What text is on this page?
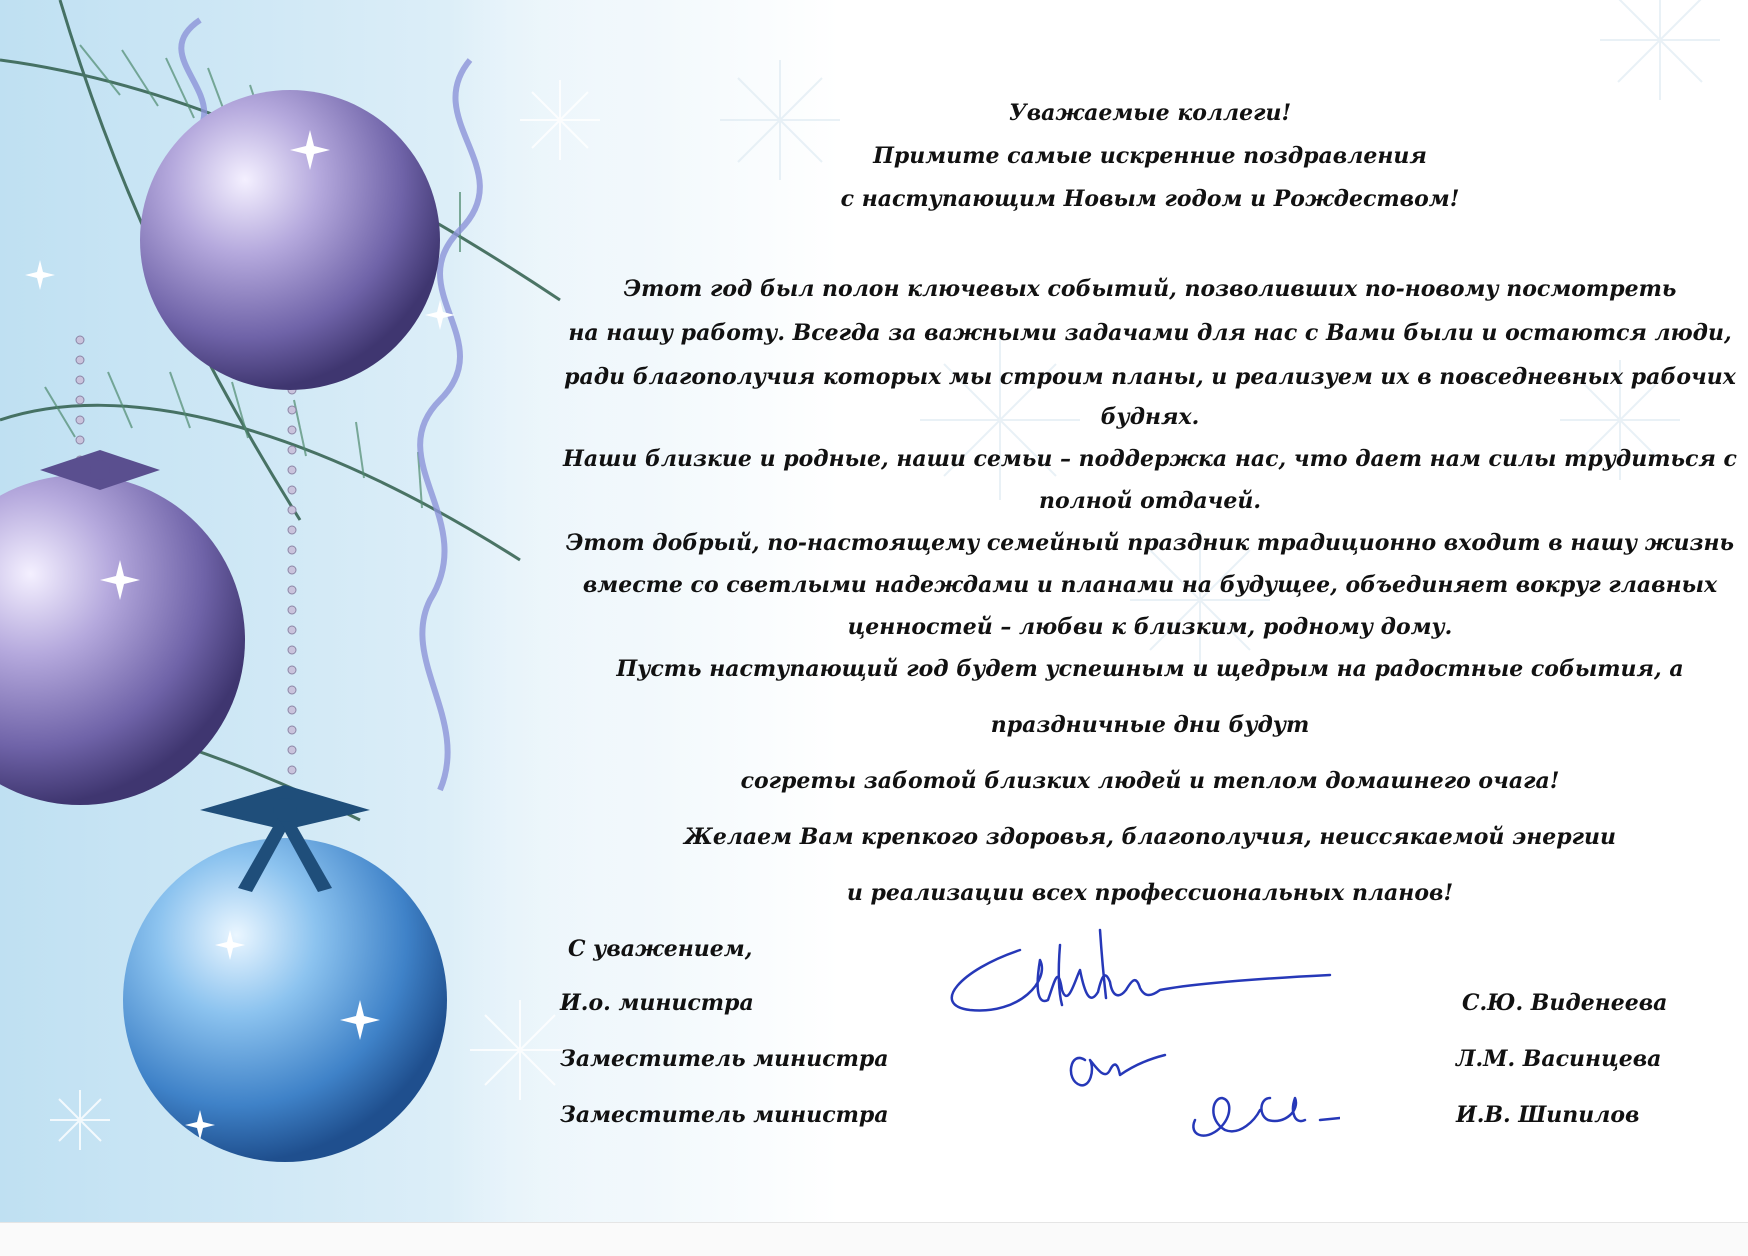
Уважаемые коллеги!
Примите самые искренние поздравления
с наступающим Новым годом и Рождеством!
Этот год был полон ключевых событий, позволивших по-новому посмотреть
на нашу работу. Всегда за важными задачами для нас с Вами были и остаются люди,
ради благополучия которых мы строим планы, и реализуем их в повседневных рабочих
буднях.
Наши близкие и родные, наши семьи – поддержка нас, что дает нам силы трудиться с
полной отдачей.
Этот добрый, по-настоящему семейный праздник традиционно входит в нашу жизнь
вместе со светлыми надеждами и планами на будущее, объединяет вокруг главных
ценностей – любви к близким, родному дому.
Пусть наступающий год будет успешным и щедрым на радостные события, а
праздничные дни будут
согреты заботой близких людей и теплом домашнего очага!
Желаем Вам крепкого здоровья, благополучия, неиссякаемой энергии
и реализации всех профессиональных планов!
С уважением,
И.о. министра
Заместитель министра
Заместитель министра
С.Ю. Виденеева
Л.М. Васинцева
И.В. Шипилов
